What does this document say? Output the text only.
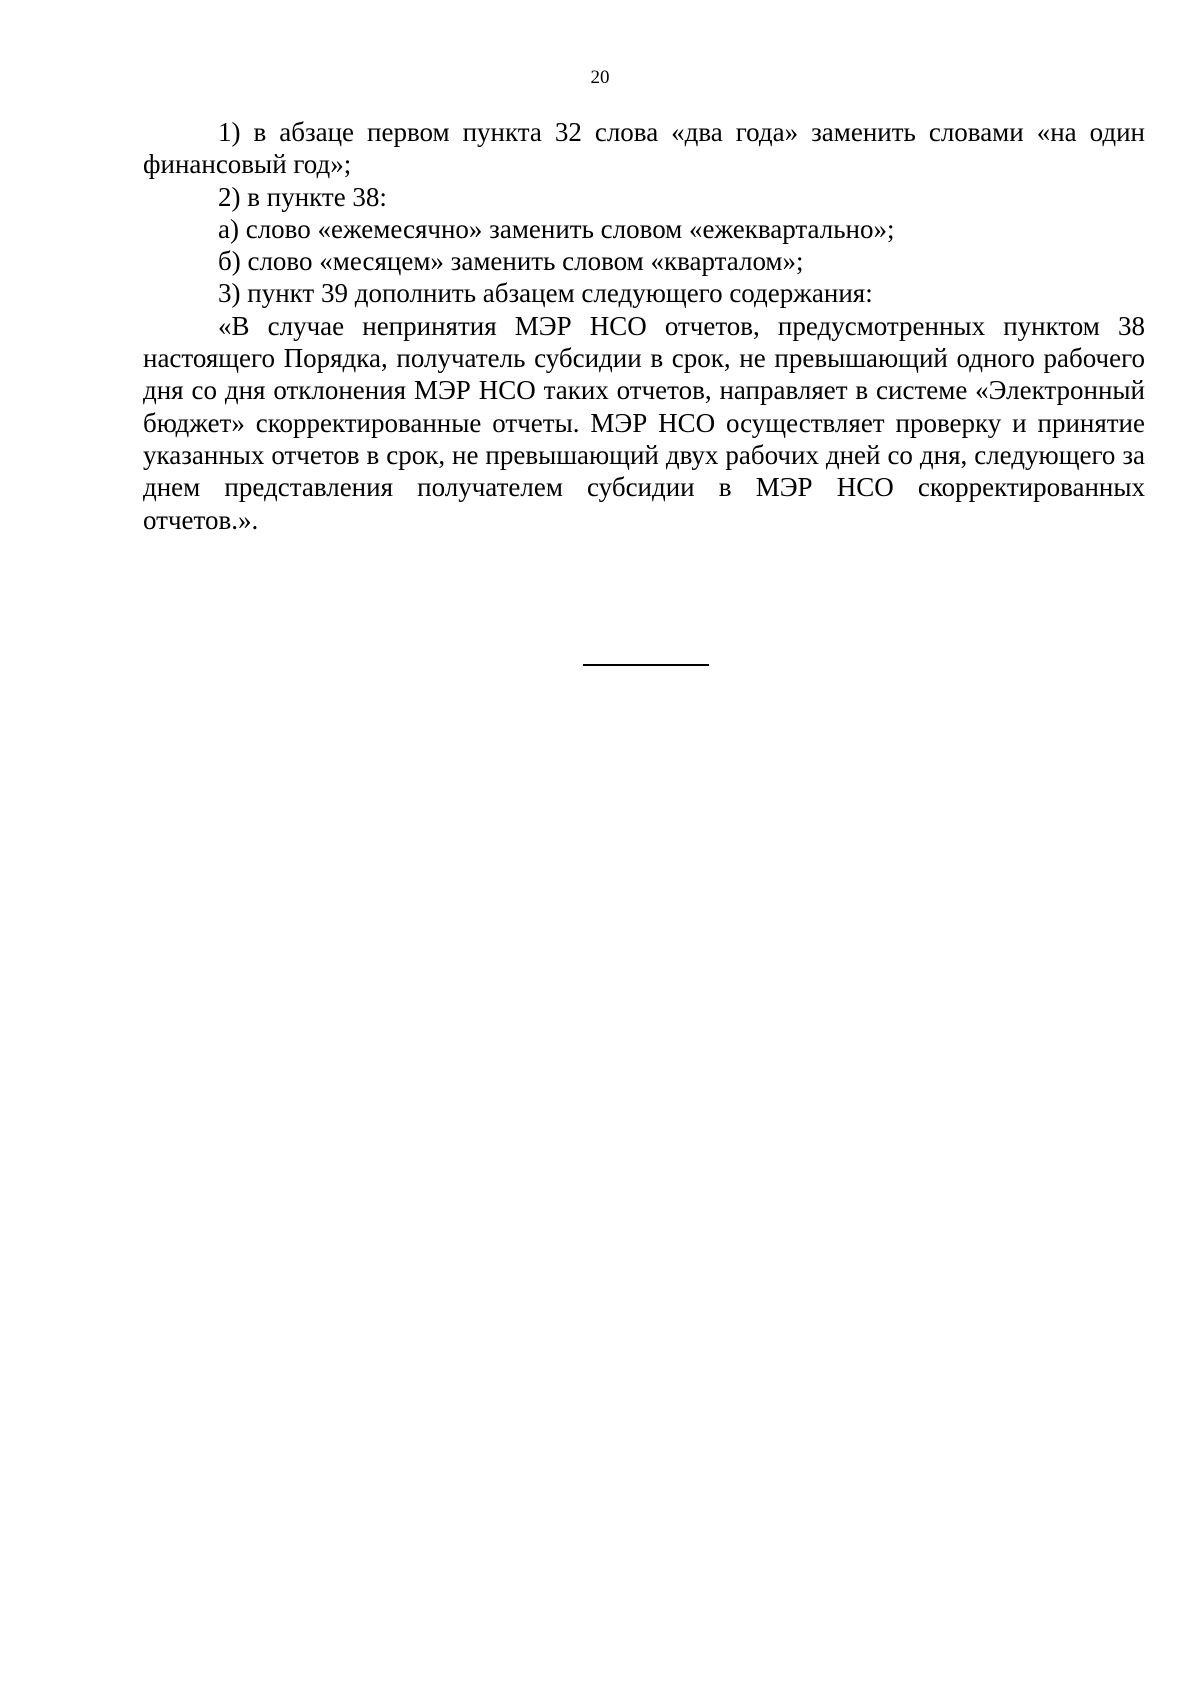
20

1) в абзаце первом пункта 32 слова «два года» заменить словами «на один финансовый год»;

2) в пункте 38:

а) слово «ежемесячно» заменить словом «ежеквартально»;

б) слово «месяцем» заменить словом «кварталом»;

3) пункт 39 дополнить абзацем следующего содержания:

«В случае непринятия МЭР НСО отчетов, предусмотренных пунктом 38 настоящего Порядка, получатель субсидии в срок, не превышающий одного рабочего дня со дня отклонения МЭР НСО таких отчетов, направляет в системе «Электронный бюджет» скорректированные отчеты. МЭР НСО осуществляет проверку и принятие указанных отчетов в срок, не превышающий двух рабочих дней со дня, следующего за днем представления получателем субсидии в МЭР НСО скорректированных отчетов.».
